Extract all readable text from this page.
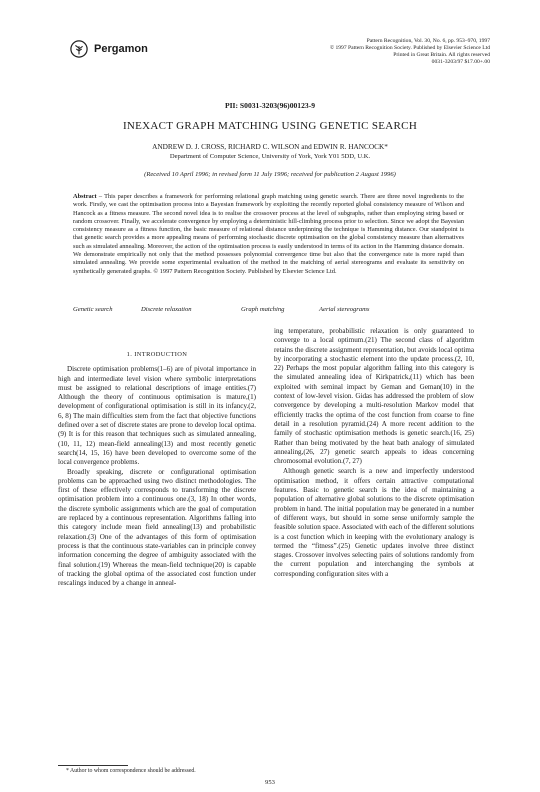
Pergamon
Pattern Recognition, Vol. 30, No. 6, pp. 953–970, 1997
© 1997 Pattern Recognition Society. Published by Elsevier Science Ltd
Printed in Great Britain. All rights reserved
0031-3203/97 $17.00+.00
PII: S0031-3203(96)00123-9
INEXACT GRAPH MATCHING USING GENETIC SEARCH
ANDREW D. J. CROSS, RICHARD C. WILSON and EDWIN R. HANCOCK*
Department of Computer Science, University of York, York Y01 5DD, U.K.
(Received 10 April 1996; in revised form 11 July 1996; received for publication 2 August 1996)

Abstract – This paper describes a framework for performing relational graph matching using genetic search. There are three novel ingredients to the work. Firstly, we cast the optimisation process into a Bayesian framework by exploiting the recently reported global consistency measure of Wilson and Hancock as a fitness measure. The second novel idea is to realise the crossover process at the level of subgraphs, rather than employing string based or random crossover. Finally, we accelerate convergence by employing a deterministic hill-climbing process prior to selection. Since we adopt the Bayesian consistency measure as a fitness function, the basic measure of relational distance underpinning the technique is Hamming distance. Our standpoint is that genetic search provides a more appealing means of performing stochastic discrete optimisation on the global consistency measure than alternatives such as simulated annealing. Moreover, the action of the optimisation process is easily understood in terms of its action in the Hamming distance domain. We demonstrate empirically not only that the method possesses polynomial convergence time but also that the convergence rate is more rapid than simulated annealing. We provide some experimental evaluation of the method in the matching of aerial stereograms and evaluate its sensitivity on synthetically generated graphs. © 1997 Pattern Recognition Society. Published by Elsevier Science Ltd.

Genetic search	Discrete relaxation	Graph matching	Aerial stereograms
1. INTRODUCTION

Discrete optimisation problems(1–6) are of pivotal importance in high and intermediate level vision where symbolic interpretations must be assigned to relational descriptions of image entities.(7) Although the theory of continuous optimisation is mature,(1) development of configurational optimisation is still in its infancy.(2, 6, 8) The main difficulties stem from the fact that objective functions defined over a set of discrete states are prone to develop local optima.(9) It is for this reason that techniques such as simulated annealing,(10, 11, 12) mean-field annealing(13) and most recently genetic search(14, 15, 16) have been developed to overcome some of the local convergence problems.

Broadly speaking, discrete or configurational optimisation problems can be approached using two distinct methodologies. The first of these effectively corresponds to transforming the discrete optimisation problem into a continuous one.(3, 18) In other words, the discrete symbolic assignments which are the goal of computation are replaced by a continuous representation. Algorithms falling into this category include mean field annealing(13) and probabilistic relaxation.(3) One of the advantages of this form of optimisation process is that the continuous state-variables can in principle convey information concerning the degree of ambiguity associated with the final solution.(19) Whereas the mean-field technique(20) is capable of tracking the global optima of the associated cost function under rescalings induced by a change in anneal-

ing temperature, probabilistic relaxation is only guaranteed to converge to a local optimum.(21) The second class of algorithm retains the discrete assignment representation, but avoids local optima by incorporating a stochastic element into the update process.(2, 10, 22) Perhaps the most popular algorithm falling into this category is the simulated annealing idea of Kirkpatrick,(11) which has been exploited with seminal impact by Geman and Geman(10) in the context of low-level vision. Gidas has addressed the problem of slow convergence by developing a multi-resolution Markov model that efficiently tracks the optima of the cost function from coarse to fine detail in a resolution pyramid.(24) A more recent addition to the family of stochastic optimisation methods is genetic search.(16, 25) Rather than being motivated by the heat bath analogy of simulated annealing,(26, 27) genetic search appeals to ideas concerning chromosomal evolution.(7, 27)

Although genetic search is a new and imperfectly understood optimisation method, it offers certain attractive computational features. Basic to genetic search is the idea of maintaining a population of alternative global solutions to the discrete optimisation problem in hand. The initial population may be generated in a number of different ways, but should in some sense uniformly sample the feasible solution space. Associated with each of the different solutions is a cost function which in keeping with the evolutionary analogy is termed the “fitness”.(25) Genetic updates involve three distinct stages. Crossover involves selecting pairs of solutions randomly from the current population and interchanging the symbols at corresponding configuration sites with a

* Author to whom correspondence should be addressed.
953
